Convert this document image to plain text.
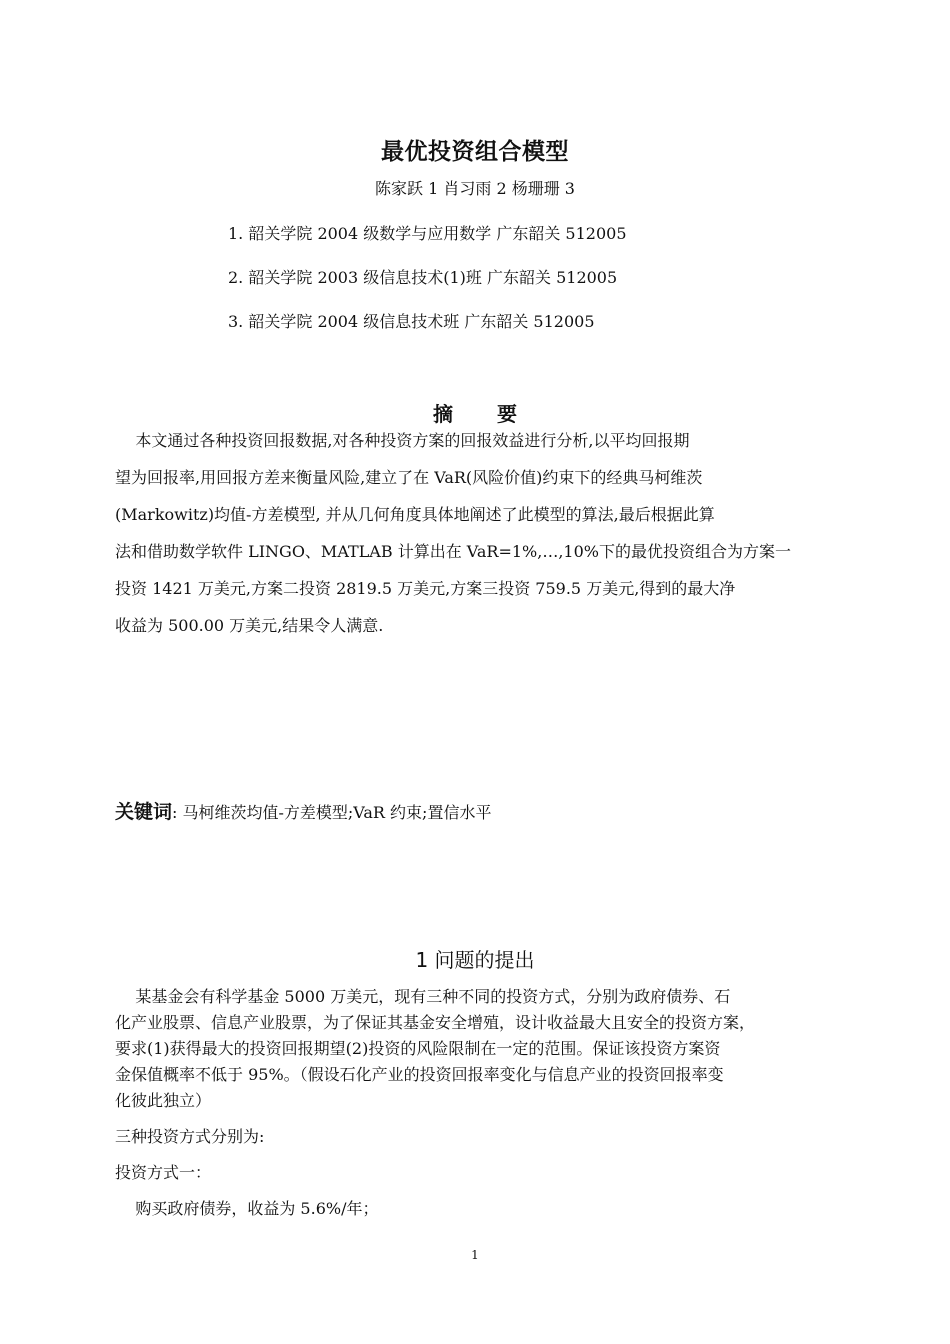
最优投资组合模型
陈家跃 1 肖习雨 2 杨珊珊 3
1. 韶关学院 2004 级数学与应用数学 广东韶关 512005
2. 韶关学院 2003 级信息技术(1)班 广东韶关 512005
3. 韶关学院 2004 级信息技术班 广东韶关 512005
摘要
本文通过各种投资回报数据,对各种投资方案的回报效益进行分析,以平均回报期
望为回报率,用回报方差来衡量风险,建立了在 VaR(风险价值)约束下的经典马柯维茨
(Markowitz)均值-方差模型, 并从几何角度具体地阐述了此模型的算法,最后根据此算
法和借助数学软件 LINGO、MATLAB 计算出在 VaR=1%,…,10%下的最优投资组合为方案一
投资 1421 万美元,方案二投资 2819.5 万美元,方案三投资 759.5 万美元,得到的最大净
收益为 500.00 万美元,结果令人满意.
关键词: 马柯维茨均值-方差模型;VaR 约束;置信水平
1 问题的提出
某基金会有科学基金 5000 万美元，现有三种不同的投资方式，分别为政府债券、石
化产业股票、信息产业股票，为了保证其基金安全增殖，设计收益最大且安全的投资方案，
要求(1)获得最大的投资回报期望(2)投资的风险限制在一定的范围。保证该投资方案资
金保值概率不低于 95%。（假设石化产业的投资回报率变化与信息产业的投资回报率变
化彼此独立）
三种投资方式分别为:
投资方式一：
购买政府债券，收益为 5.6%/年；
1
